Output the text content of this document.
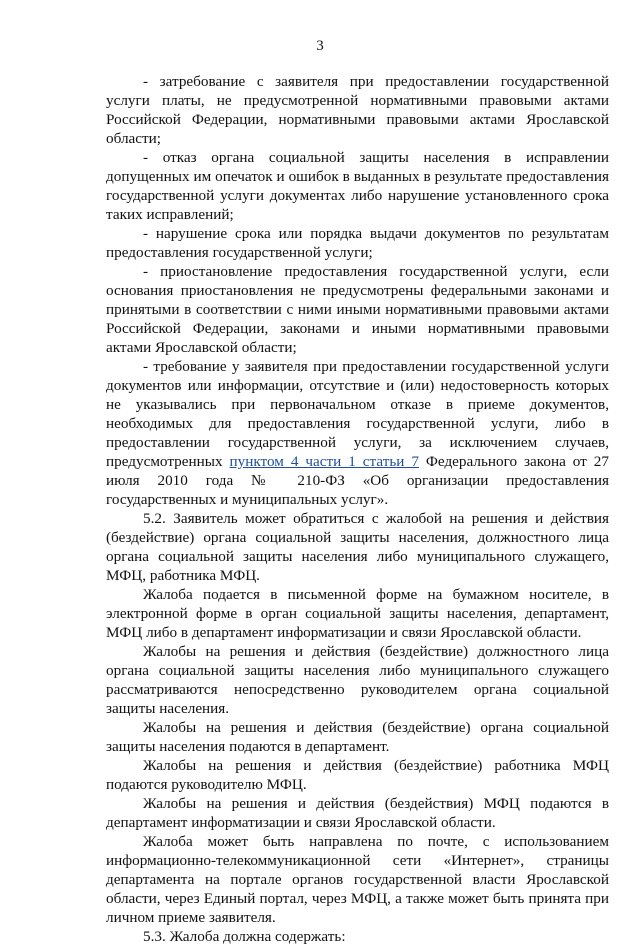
3

- затребование с заявителя при предоставлении государственной услуги платы, не предусмотренной нормативными правовыми актами Российской Федерации, нормативными правовыми актами Ярославской области;

- отказ органа социальной защиты населения в исправлении допущенных им опечаток и ошибок в выданных в результате предоставления государственной услуги документах либо нарушение установленного срока таких исправлений;

- нарушение срока или порядка выдачи документов по результатам предоставления государственной услуги;

- приостановление предоставления государственной услуги, если основания приостановления не предусмотрены федеральными законами и принятыми в соответствии с ними иными нормативными правовыми актами Российской Федерации, законами и иными нормативными правовыми актами Ярославской области;

- требование у заявителя при предоставлении государственной услуги документов или информации, отсутствие и (или) недостоверность которых не указывались при первоначальном отказе в приеме документов, необходимых для предоставления государственной услуги, либо в предоставлении государственной услуги, за исключением случаев, предусмотренных пунктом 4 части 1 статьи 7 Федерального закона от 27 июля 2010 года № 210-ФЗ «Об организации предоставления государственных и муниципальных услуг».

5.2. Заявитель может обратиться с жалобой на решения и действия (бездействие) органа социальной защиты населения, должностного лица органа социальной защиты населения либо муниципального служащего, МФЦ, работника МФЦ.

Жалоба подается в письменной форме на бумажном носителе, в электронной форме в орган социальной защиты населения, департамент, МФЦ либо в департамент информатизации и связи Ярославской области.

Жалобы на решения и действия (бездействие) должностного лица органа социальной защиты населения либо муниципального служащего рассматриваются непосредственно руководителем органа социальной защиты населения.

Жалобы на решения и действия (бездействие) органа социальной защиты населения подаются в департамент.

Жалобы на решения и действия (бездействие) работника МФЦ подаются руководителю МФЦ.

Жалобы на решения и действия (бездействия) МФЦ подаются в департамент информатизации и связи Ярославской области.

Жалоба может быть направлена по почте, с использованием информационно-телекоммуникационной сети «Интернет», страницы департамента на портале органов государственной власти Ярославской области, через Единый портал, через МФЦ, а также может быть принята при личном приеме заявителя.

5.3. Жалоба должна содержать:
